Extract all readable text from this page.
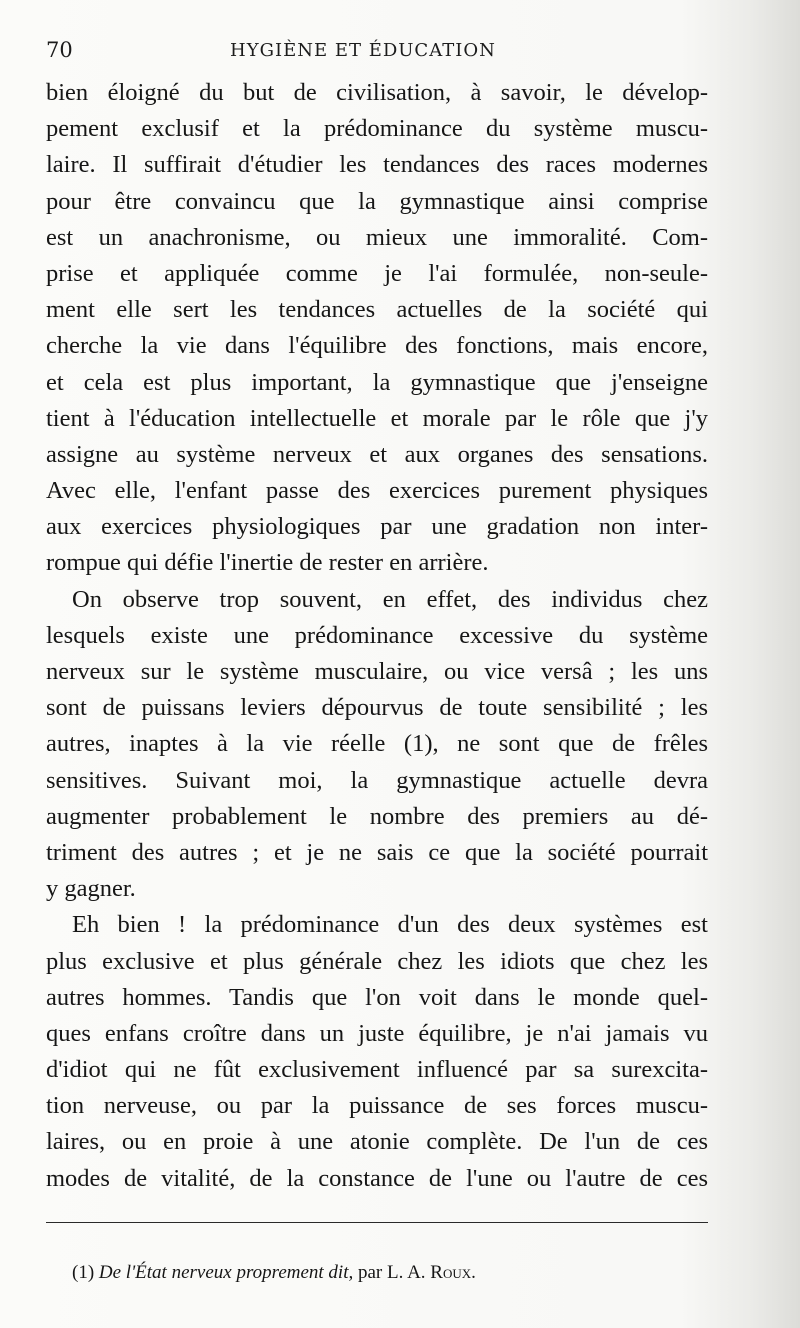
70	HYGIÈNE ET ÉDUCATION
bien éloigné du but de civilisation, à savoir, le dévelop-
pement exclusif et la prédominance du système muscu-
laire. Il suffirait d'étudier les tendances des races modernes
pour être convaincu que la gymnastique ainsi comprise
est un anachronisme, ou mieux une immoralité. Com-
prise et appliquée comme je l'ai formulée, non-seule-
ment elle sert les tendances actuelles de la société qui
cherche la vie dans l'équilibre des fonctions, mais encore,
et cela est plus important, la gymnastique que j'enseigne
tient à l'éducation intellectuelle et morale par le rôle que j'y
assigne au système nerveux et aux organes des sensations.
Avec elle, l'enfant passe des exercices purement physiques
aux exercices physiologiques par une gradation non inter-
rompue qui défie l'inertie de rester en arrière.
On observe trop souvent, en effet, des individus chez
lesquels existe une prédominance excessive du système
nerveux sur le système musculaire, ou vice versâ ; les uns
sont de puissans leviers dépourvus de toute sensibilité ; les
autres, inaptes à la vie réelle (1), ne sont que de frêles
sensitives. Suivant moi, la gymnastique actuelle devra
augmenter probablement le nombre des premiers au dé-
triment des autres ; et je ne sais ce que la société pourrait
y gagner.
Eh bien ! la prédominance d'un des deux systèmes est
plus exclusive et plus générale chez les idiots que chez les
autres hommes. Tandis que l'on voit dans le monde quel-
ques enfans croître dans un juste équilibre, je n'ai jamais vu
d'idiot qui ne fût exclusivement influencé par sa surexcita-
tion nerveuse, ou par la puissance de ses forces muscu-
laires, ou en proie à une atonie complète. De l'un de ces
modes de vitalité, de la constance de l'une ou l'autre de ces
(1) De l'État nerveux proprement dit, par L. A. Roux.
